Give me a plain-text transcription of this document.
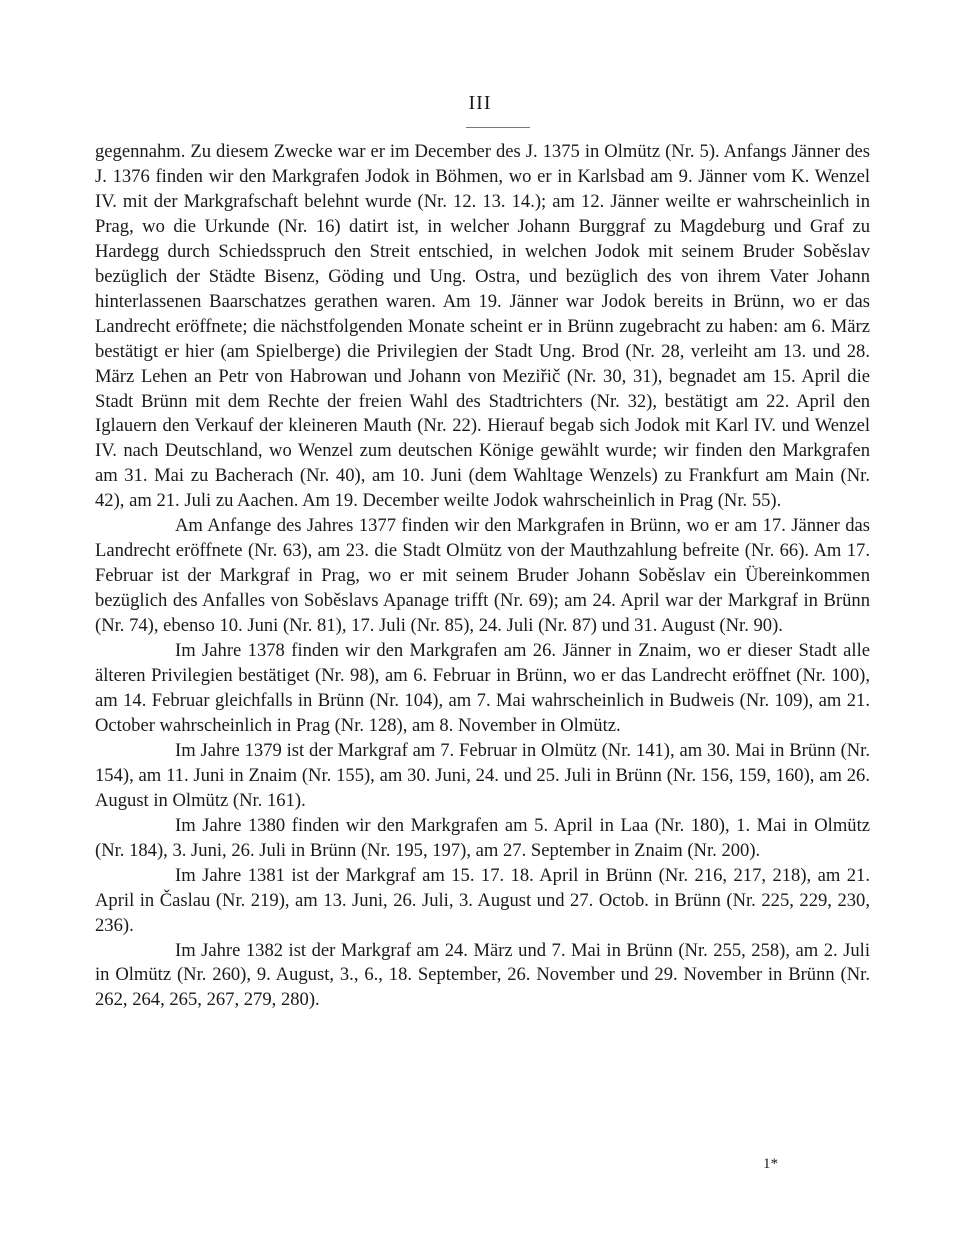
III

gegennahm. Zu diesem Zwecke war er im December des J. 1375 in Olmütz (Nr. 5). Anfangs Jänner des J. 1376 finden wir den Markgrafen Jodok in Böhmen, wo er in Karlsbad am 9. Jänner vom K. Wenzel IV. mit der Markgrafschaft belehnt wurde (Nr. 12. 13. 14.); am 12. Jänner weilte er wahrscheinlich in Prag, wo die Urkunde (Nr. 16) datirt ist, in welcher Johann Burggraf zu Magdeburg und Graf zu Hardegg durch Schiedsspruch den Streit entschied, in welchen Jodok mit seinem Bruder Soběslav bezüglich der Städte Bisenz, Göding und Ung. Ostra, und bezüglich des von ihrem Vater Johann hinterlassenen Baarschatzes gerathen waren. Am 19. Jänner war Jodok bereits in Brünn, wo er das Landrecht eröffnete; die nächstfolgenden Monate scheint er in Brünn zugebracht zu haben: am 6. März bestätigt er hier (am Spielberge) die Privilegien der Stadt Ung. Brod (Nr. 28, verleiht am 13. und 28. März Lehen an Petr von Habrowan und Johann von Meziřič (Nr. 30, 31), begnadet am 15. April die Stadt Brünn mit dem Rechte der freien Wahl des Stadtrichters (Nr. 32), bestätigt am 22. April den Iglauern den Verkauf der kleineren Mauth (Nr. 22). Hierauf begab sich Jodok mit Karl IV. und Wenzel IV. nach Deutschland, wo Wenzel zum deutschen Könige gewählt wurde; wir finden den Markgrafen am 31. Mai zu Bacherach (Nr. 40), am 10. Juni (dem Wahltage Wenzels) zu Frankfurt am Main (Nr. 42), am 21. Juli zu Aachen. Am 19. December weilte Jodok wahrscheinlich in Prag (Nr. 55).

Am Anfange des Jahres 1377 finden wir den Markgrafen in Brünn, wo er am 17. Jänner das Landrecht eröffnete (Nr. 63), am 23. die Stadt Olmütz von der Mauthzahlung befreite (Nr. 66). Am 17. Februar ist der Markgraf in Prag, wo er mit seinem Bruder Johann Soběslav ein Übereinkommen bezüglich des Anfalles von Soběslavs Apanage trifft (Nr. 69); am 24. April war der Markgraf in Brünn (Nr. 74), ebenso 10. Juni (Nr. 81), 17. Juli (Nr. 85), 24. Juli (Nr. 87) und 31. August (Nr. 90).

Im Jahre 1378 finden wir den Markgrafen am 26. Jänner in Znaim, wo er dieser Stadt alle älteren Privilegien bestätiget (Nr. 98), am 6. Februar in Brünn, wo er das Landrecht eröffnet (Nr. 100), am 14. Februar gleichfalls in Brünn (Nr. 104), am 7. Mai wahrscheinlich in Budweis (Nr. 109), am 21. October wahrscheinlich in Prag (Nr. 128), am 8. November in Olmütz.

Im Jahre 1379 ist der Markgraf am 7. Februar in Olmütz (Nr. 141), am 30. Mai in Brünn (Nr. 154), am 11. Juni in Znaim (Nr. 155), am 30. Juni, 24. und 25. Juli in Brünn (Nr. 156, 159, 160), am 26. August in Olmütz (Nr. 161).

Im Jahre 1380 finden wir den Markgrafen am 5. April in Laa (Nr. 180), 1. Mai in Olmütz (Nr. 184), 3. Juni, 26. Juli in Brünn (Nr. 195, 197), am 27. September in Znaim (Nr. 200).

Im Jahre 1381 ist der Markgraf am 15. 17. 18. April in Brünn (Nr. 216, 217, 218), am 21. April in Časlau (Nr. 219), am 13. Juni, 26. Juli, 3. August und 27. Octob. in Brünn (Nr. 225, 229, 230, 236).

Im Jahre 1382 ist der Markgraf am 24. März und 7. Mai in Brünn (Nr. 255, 258), am 2. Juli in Olmütz (Nr. 260), 9. August, 3., 6., 18. September, 26. November und 29. November in Brünn (Nr. 262, 264, 265, 267, 279, 280).

1*
